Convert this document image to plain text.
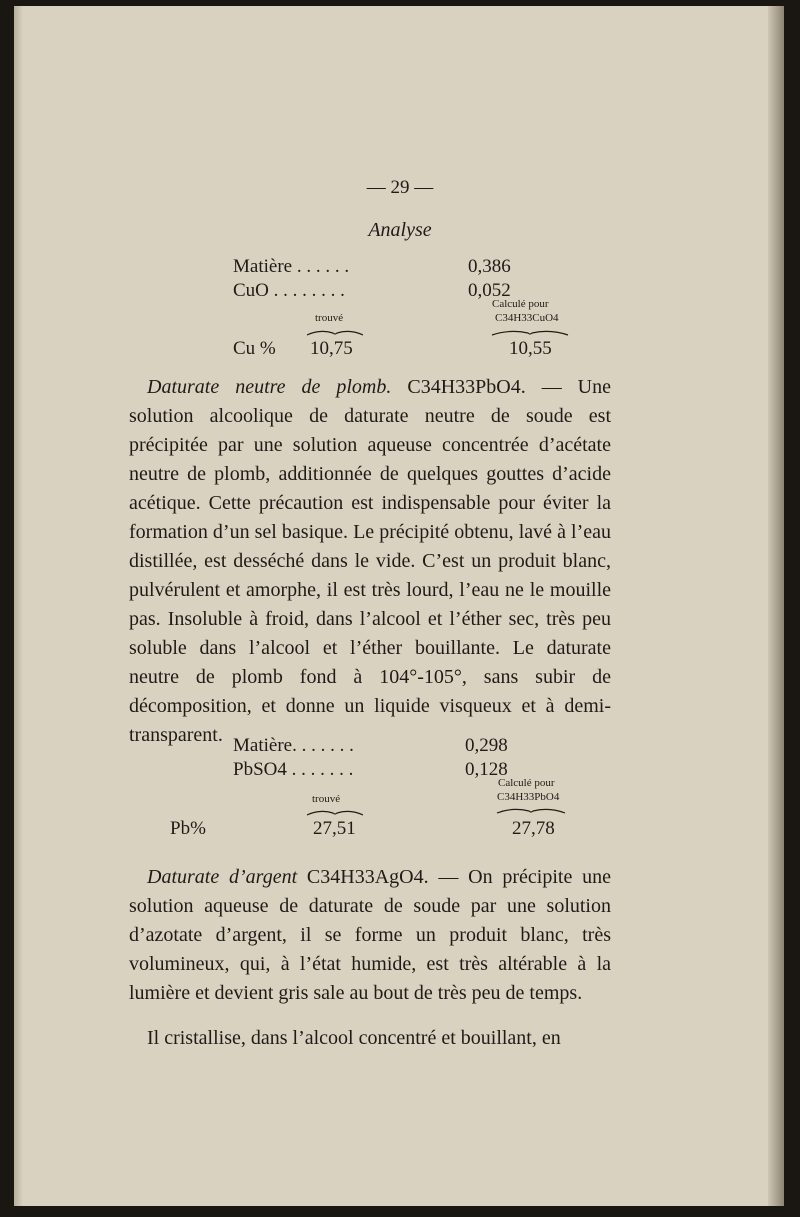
— 29 —
Analyse
Matière . . . . . .	0,386
CuO . . . . . . . .	0,052
Calculé pour
C34H33CuO4
trouvé
Cu % 10,75	10,55

Daturate neutre de plomb. C34H33PbO4. — Une solution alcoolique de daturate neutre de soude est précipitée par une solution aqueuse concentrée d’acétate neutre de plomb, additionnée de quelques gouttes d’acide acétique. Cette précaution est indispensable pour éviter la formation d’un sel basique. Le précipité obtenu, lavé à l’eau distillée, est desséché dans le vide. C’est un produit blanc, pulvérulent et amorphe, il est très lourd, l’eau ne le mouille pas. Insoluble à froid, dans l’alcool et l’éther sec, très peu soluble dans l’alcool et l’éther bouillante. Le daturate neutre de plomb fond à 104°-105°, sans subir de décomposition, et donne un liquide visqueux et à demi-transparent. Matière. . . . . . .	0,298
PbSO4 . . . . . . .	0,128
Calculé pour
C34H33PbO4
trouvé
Pb%	27,51	27,78

Daturate d’argent C34H33AgO4. — On précipite une solution aqueuse de daturate de soude par une solution d’azotate d’argent, il se forme un produit blanc, très volumineux, qui, à l’état humide, est très altérable à la lumière et devient gris sale au bout de très peu de temps.

Il cristallise, dans l’alcool concentré et bouillant, en
